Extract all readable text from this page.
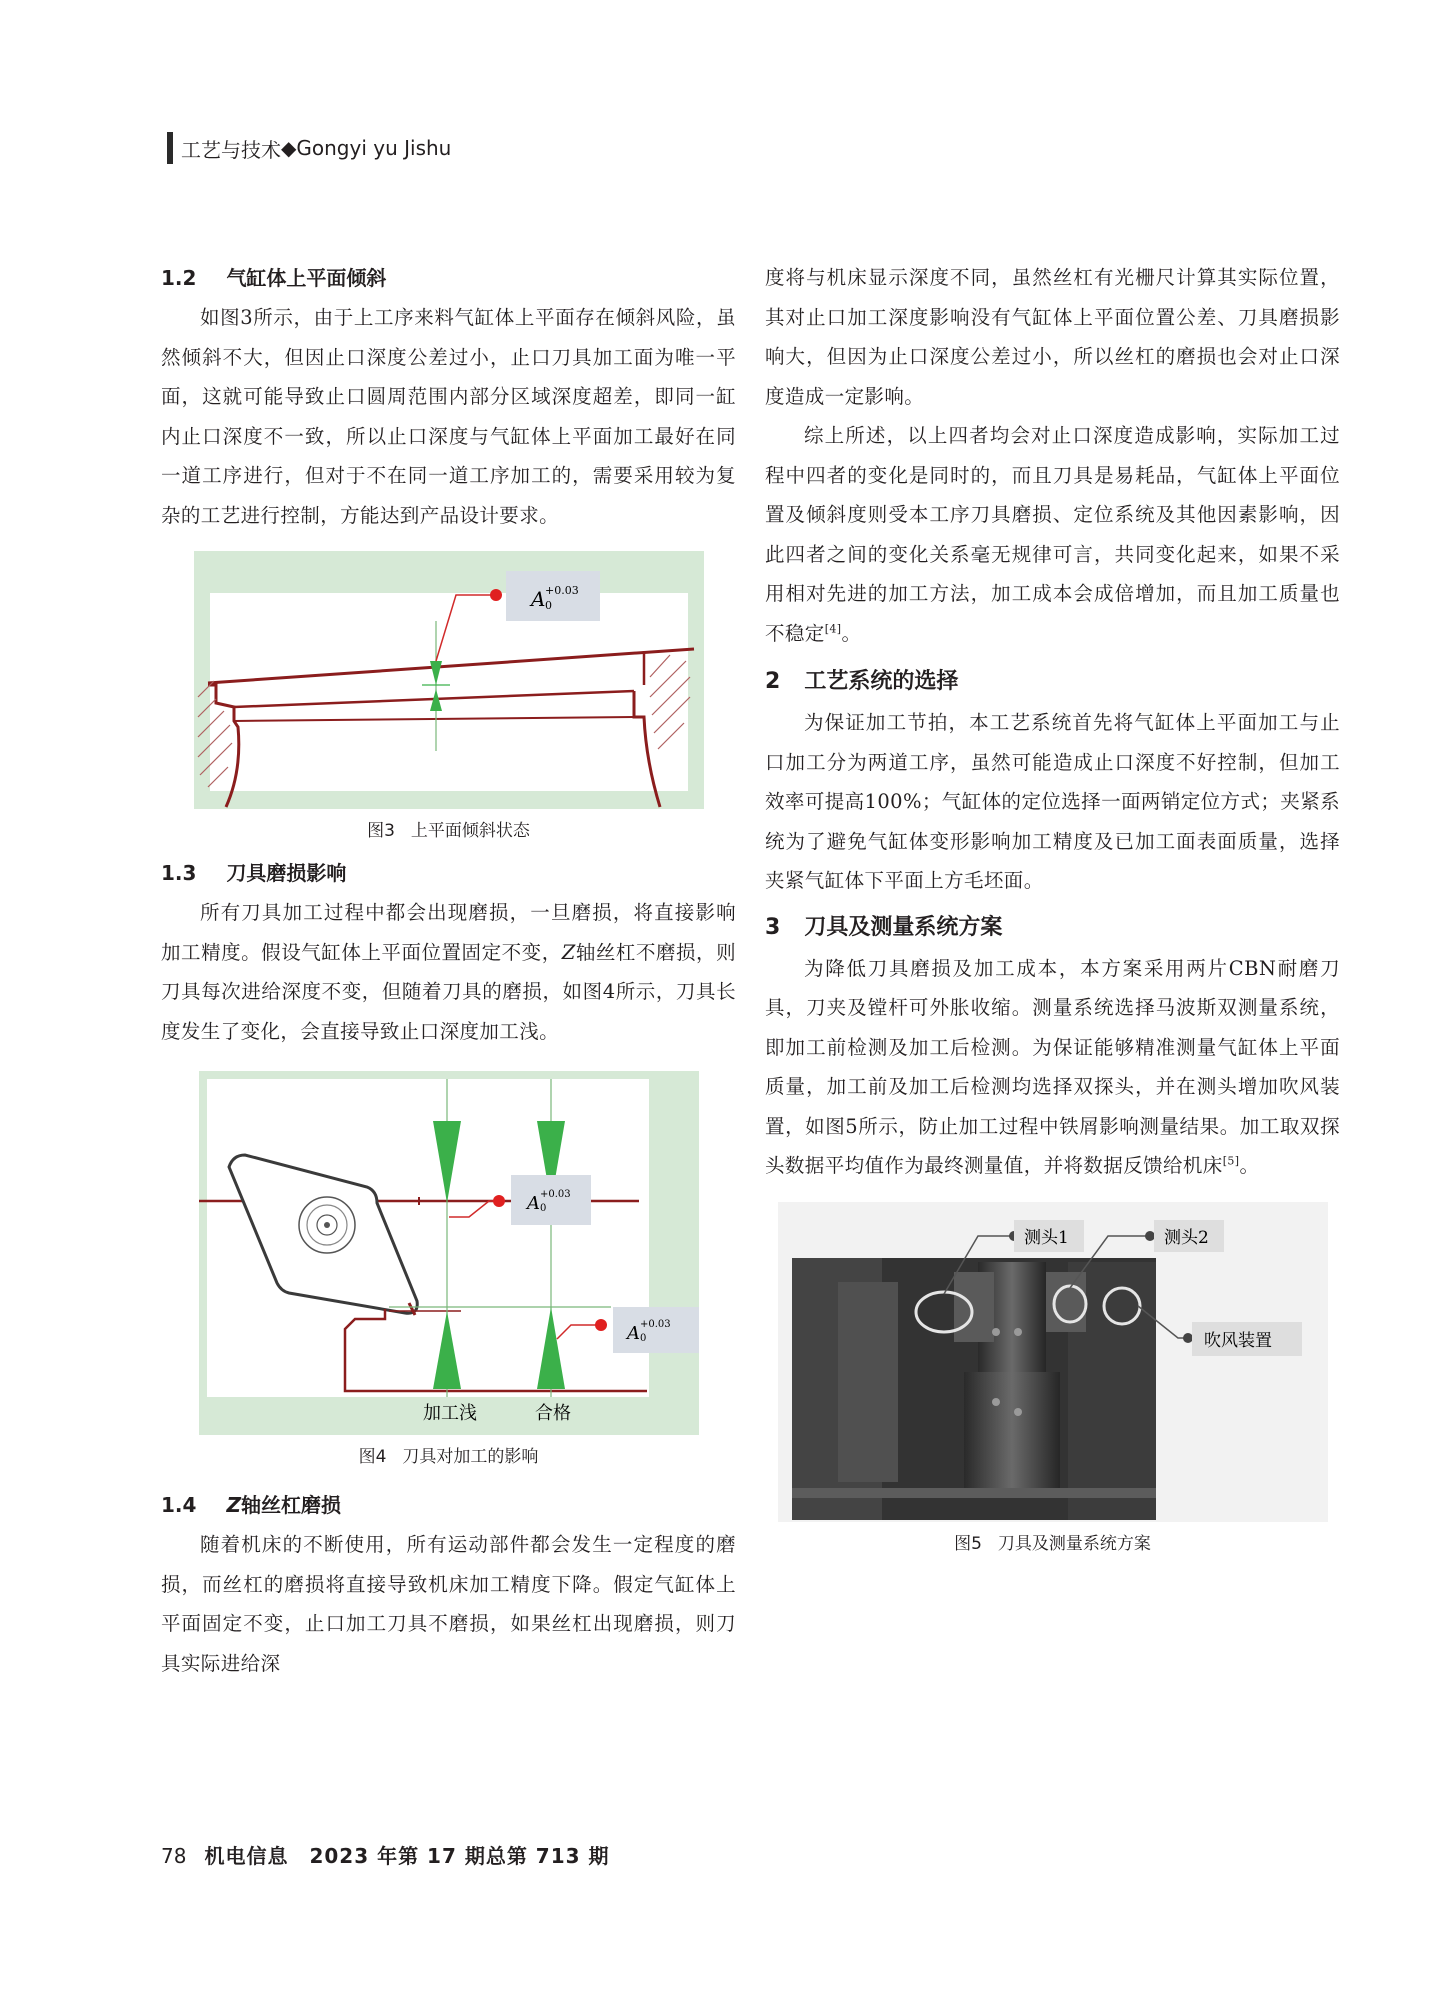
工艺与技术 ◆ Gongyi yu Jishu
1.2 气缸体上平面倾斜

如图3所示，由于上工序来料气缸体上平面存在倾斜风险，虽然倾斜不大，但因止口深度公差过小，止口刀具加工面为唯一平面，这就可能导致止口圆周范围内部分区域深度超差，即同一缸内止口深度不一致，所以止口深度与气缸体上平面加工最好在同一道工序进行，但对于不在同一道工序加工的，需要采用较为复杂的工艺进行控制，方能达到产品设计要求。

A +0.03
0
图3 上平面倾斜状态
1.3 刀具磨损影响

所有刀具加工过程中都会出现磨损，一旦磨损，将直接影响加工精度。假设气缸体上平面位置固定不变，Z轴丝杠不磨损，则刀具每次进给深度不变，但随着刀具的磨损，如图4所示，刀具长度发生了变化，会直接导致止口深度加工浅。

A +0.03
0
A +0.03
0
加工浅	合格
图4 刀具对加工的影响
1.4 Z轴丝杠磨损

随着机床的不断使用，所有运动部件都会发生一定程度的磨损，而丝杠的磨损将直接导致机床加工精度下降。假定气缸体上平面固定不变，止口加工刀具不磨损，如果丝杠出现磨损，则刀具实际进给深

度将与机床显示深度不同，虽然丝杠有光栅尺计算其实际位置，其对止口加工深度影响没有气缸体上平面位置公差、刀具磨损影响大，但因为止口深度公差过小，所以丝杠的磨损也会对止口深度造成一定影响。

综上所述，以上四者均会对止口深度造成影响，实际加工过程中四者的变化是同时的，而且刀具是易耗品，气缸体上平面位置及倾斜度则受本工序刀具磨损、定位系统及其他因素影响，因此四者之间的变化关系毫无规律可言，共同变化起来，如果不采用相对先进的加工方法，加工成本会成倍增加，而且加工质量也不稳定[4]。

2 工艺系统的选择

为保证加工节拍，本工艺系统首先将气缸体上平面加工与止口加工分为两道工序，虽然可能造成止口深度不好控制，但加工效率可提高100%；气缸体的定位选择一面两销定位方式；夹紧系统为了避免气缸体变形影响加工精度及已加工面表面质量，选择夹紧气缸体下平面上方毛坯面。

3 刀具及测量系统方案

为降低刀具磨损及加工成本，本方案采用两片CBN耐磨刀具，刀夹及镗杆可外胀收缩。测量系统选择马波斯双测量系统，即加工前检测及加工后检测。为保证能够精准测量气缸体上平面质量，加工前及加工后检测均选择双探头，并在测头增加吹风装置，如图5所示，防止加工过程中铁屑影响测量结果。加工取双探头数据平均值作为最终测量值，并将数据反馈给机床[5]。

测头1	测头2
吹风装置
图5 刀具及测量系统方案
78 机电信息　2023 年第 17 期总第 713 期
